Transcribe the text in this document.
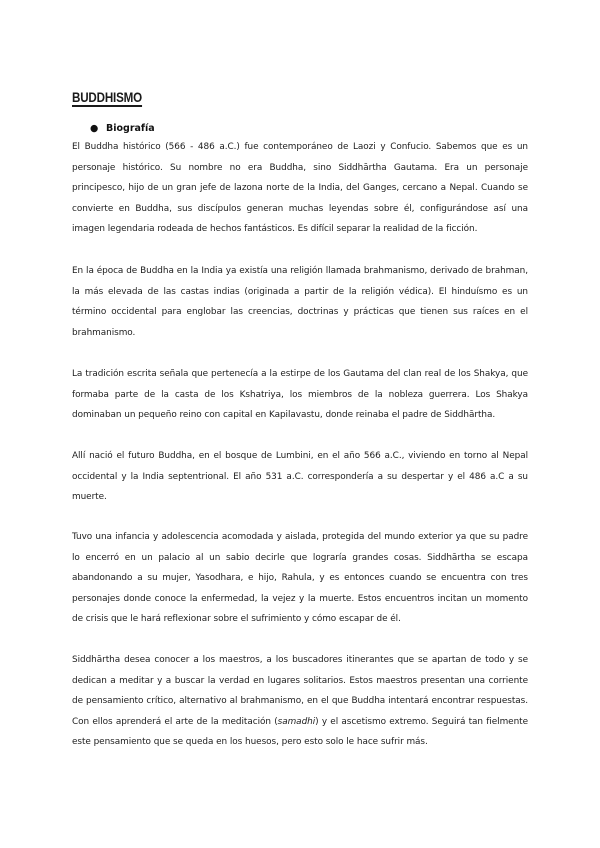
BUDDHISMO
● Biografía

El Buddha histórico (566 - 486 a.C.) fue contemporáneo de Laozi y Confucio. Sabemos que es un personaje histórico. Su nombre no era Buddha, sino Siddhārtha Gautama. Era un personaje principesco, hijo de un gran jefe de lazona norte de la India, del Ganges, cercano a Nepal. Cuando se convierte en Buddha, sus discípulos generan muchas leyendas sobre él, configurándose así una imagen legendaria rodeada de hechos fantásticos. Es difícil separar la realidad de la ficción.

En la época de Buddha en la India ya existía una religión llamada brahmanismo, derivado de brahman, la más elevada de las castas indias (originada a partir de la religión védica). El hinduísmo es un término occidental para englobar las creencias, doctrinas y prácticas que tienen sus raíces en el brahmanismo.

La tradición escrita señala que pertenecía a la estirpe de los Gautama del clan real de los Shakya, que formaba parte de la casta de los Kshatriya, los miembros de la nobleza guerrera. Los Shakya dominaban un pequeño reino con capital en Kapilavastu, donde reinaba el padre de Siddhārtha.

Allí nació el futuro Buddha, en el bosque de Lumbini, en el año 566 a.C., viviendo en torno al Nepal occidental y la India septentrional. El año 531 a.C. correspondería a su despertar y el 486 a.C a su muerte.

Tuvo una infancia y adolescencia acomodada y aislada, protegida del mundo exterior ya que su padre lo encerró en un palacio al un sabio decirle que lograría grandes cosas. Siddhārtha se escapa abandonando a su mujer, Yasodhara, e hijo, Rahula, y es entonces cuando se encuentra con tres personajes donde conoce la enfermedad, la vejez y la muerte. Estos encuentros incitan un momento de crisis que le hará reflexionar sobre el sufrimiento y cómo escapar de él.

Siddhārtha desea conocer a los maestros, a los buscadores itinerantes que se apartan de todo y se dedican a meditar y a buscar la verdad en lugares solitarios. Estos maestros presentan una corriente de pensamiento crítico, alternativo al brahmanismo, en el que Buddha intentará encontrar respuestas. Con ellos aprenderá el arte de la meditación (samadhi) y el ascetismo extremo. Seguirá tan fielmente este pensamiento que se queda en los huesos, pero esto solo le hace sufrir más.
